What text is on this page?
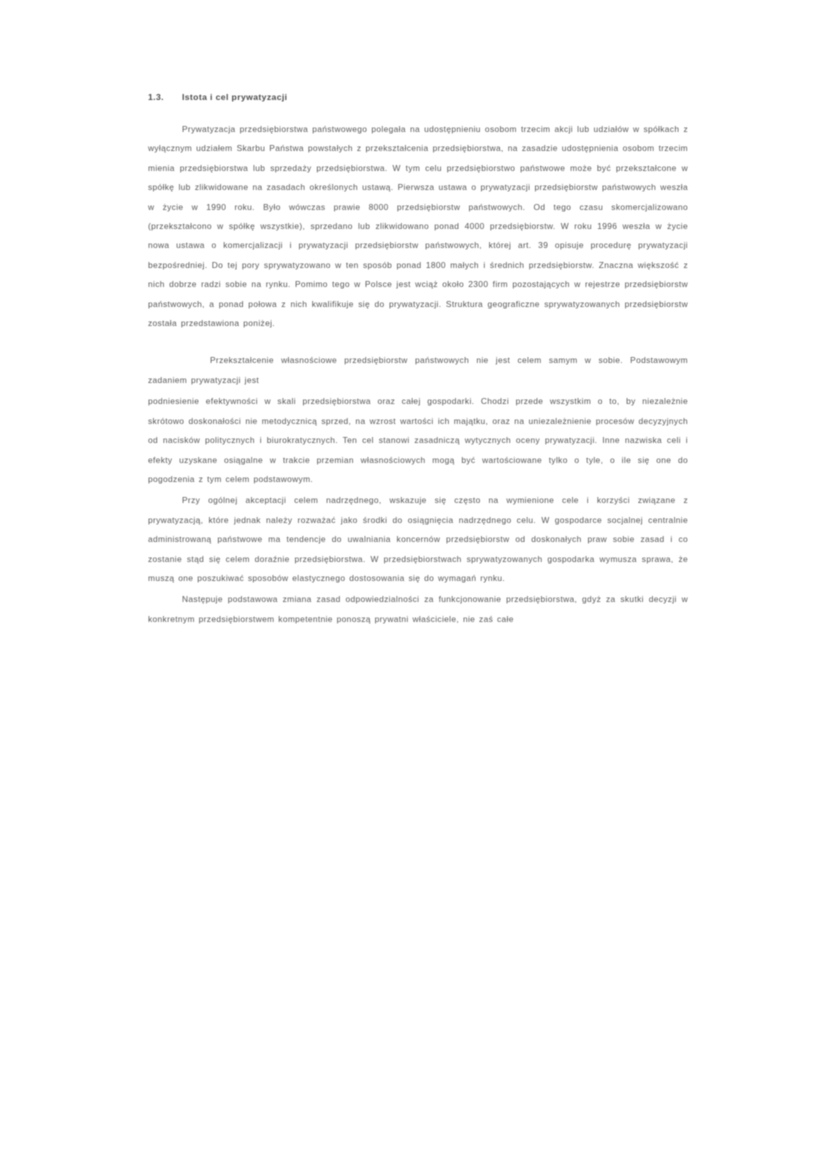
1.3. Istota i cel prywatyzacji

Prywatyzacja przedsiębiorstwa państwowego polegała na udostępnieniu osobom trzecim akcji lub udziałów w spółkach z wyłącznym udziałem Skarbu Państwa powstałych z przekształcenia przedsiębiorstwa, na zasadzie udostępnienia osobom trzecim mienia przedsiębiorstwa lub sprzedaży przedsiębiorstwa. W tym celu przedsiębiorstwo państwowe może być przekształcone w spółkę lub zlikwidowane na zasadach określonych ustawą. Pierwsza ustawa o prywatyzacji przedsiębiorstw państwowych weszła w życie w 1990 roku. Było wówczas prawie 8000 przedsiębiorstw państwowych. Od tego czasu skomercjalizowano (przekształcono w spółkę wszystkie), sprzedano lub zlikwidowano ponad 4000 przedsiębiorstw. W roku 1996 weszła w życie nowa ustawa o komercjalizacji i prywatyzacji przedsiębiorstw państwowych, której art. 39 opisuje procedurę prywatyzacji bezpośredniej. Do tej pory sprywatyzowano w ten sposób ponad 1800 małych i średnich przedsiębiorstw. Znaczna większość z nich dobrze radzi sobie na rynku. Pomimo tego w Polsce jest wciąż około 2300 firm pozostających w rejestrze przedsiębiorstw państwowych, a ponad połowa z nich kwalifikuje się do prywatyzacji. Struktura geograficzne sprywatyzowanych przedsiębiorstw została przedstawiona poniżej.

Przekształcenie własnościowe przedsiębiorstw państwowych nie jest celem samym w sobie. Podstawowym zadaniem prywatyzacji jest

podniesienie efektywności w skali przedsiębiorstwa oraz całej gospodarki. Chodzi przede wszystkim o to, by niezależnie skrótowo doskonałości nie metodycznicą sprzed, na wzrost wartości ich majątku, oraz na uniezależnienie procesów decyzyjnych od nacisków politycznych i biurokratycznych. Ten cel stanowi zasadniczą wytycznych oceny prywatyzacji. Inne nazwiska celi i efekty uzyskane osiągalne w trakcie przemian własnościowych mogą być wartościowane tylko o tyle, o ile się one do pogodzenia z tym celem podstawowym.

Przy ogólnej akceptacji celem nadrzędnego, wskazuje się często na wymienione cele i korzyści związane z prywatyzacją, które jednak należy rozważać jako środki do osiągnięcia nadrzędnego celu. W gospodarce socjalnej centralnie administrowaną państwowe ma tendencje do uwalniania koncernów przedsiębiorstw od doskonałych praw sobie zasad i co zostanie stąd się celem doraźnie przedsiębiorstwa. W przedsiębiorstwach sprywatyzowanych gospodarka wymusza sprawa, że muszą one poszukiwać sposobów elastycznego dostosowania się do wymagań rynku.

Następuje podstawowa zmiana zasad odpowiedzialności za funkcjonowanie przedsiębiorstwa, gdyż za skutki decyzji w konkretnym przedsiębiorstwem kompetentnie ponoszą prywatni właściciele, nie zaś całe
